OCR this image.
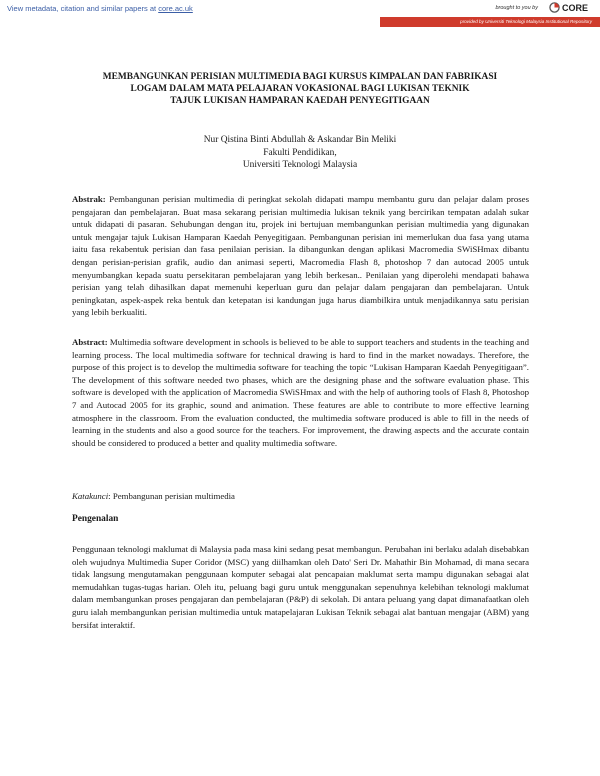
View metadata, citation and similar papers at core.ac.uk	brought to you by	CORE
provided by Universiti Teknologi Malaysia Institutional Repository
MEMBANGUNKAN PERISIAN MULTIMEDIA BAGI KURSUS KIMPALAN DAN FABRIKASI
LOGAM DALAM MATA PELAJARAN VOKASIONAL BAGI LUKISAN TEKNIK
TAJUK LUKISAN HAMPARAN KAEDAH PENYEGITIGAAN
Nur Qistina Binti Abdullah & Askandar Bin Meliki
Fakulti Pendidikan,
Universiti Teknologi Malaysia
Abstrak: Pembangunan perisian multimedia di peringkat sekolah didapati mampu membantu guru dan pelajar dalam proses pengajaran dan pembelajaran. Buat masa sekarang perisian multimedia lukisan teknik yang bercirikan tempatan adalah sukar untuk didapati di pasaran. Sehubungan dengan itu, projek ini bertujuan membangunkan perisian multimedia yang digunakan untuk mengajar tajuk Lukisan Hamparan Kaedah Penyegitigaan. Pembangunan perisian ini memerlukan dua fasa yang utama iaitu fasa rekabentuk perisian dan fasa penilaian perisian. Ia dibangunkan dengan aplikasi Macromedia SWiSHmax dibantu dengan perisian-perisian grafik, audio dan animasi seperti, Macromedia Flash 8, photoshop 7 dan autocad 2005 untuk menyumbangkan kepada suatu persekitaran pembelajaran yang lebih berkesan.. Penilaian yang diperolehi mendapati bahawa perisian yang telah dihasilkan dapat memenuhi keperluan guru dan pelajar dalam pengajaran dan pembelajaran. Untuk peningkatan, aspek-aspek reka bentuk dan ketepatan isi kandungan juga harus diambilkira untuk menjadikannya satu perisian yang lebih berkualiti.
Abstract: Multimedia software development in schools is believed to be able to support teachers and students in the teaching and learning process. The local multimedia software for technical drawing is hard to find in the market nowadays. Therefore, the purpose of this project is to develop the multimedia software for teaching the topic “Lukisan Hamparan Kaedah Penyegitigaan”. The development of this software needed two phases, which are the designing phase and the software evaluation phase. This software is developed with the application of Macromedia SWiSHmax and with the help of authoring tools of Flash 8, Photoshop 7 and Autocad 2005 for its graphic, sound and animation. These features are able to contribute to more effective learning atmosphere in the classroom. From the evaluation conducted, the multimedia software produced is able to fill in the needs of learning in the students and also a good source for the teachers. For improvement, the drawing aspects and the accurate contain should be considered to produced a better and quality multimedia software.
Katakunci: Pembangunan perisian multimedia
Pengenalan
Penggunaan teknologi maklumat di Malaysia pada masa kini sedang pesat membangun. Perubahan ini berlaku adalah disebabkan oleh wujudnya Multimedia Super Coridor (MSC) yang diilhamkan oleh Dato' Seri Dr. Mahathir Bin Mohamad, di mana secara tidak langsung mengutamakan penggunaan komputer sebagai alat pencapaian maklumat serta mampu digunakan sebagai alat memudahkan tugas-tugas harian. Oleh itu, peluang bagi guru untuk menggunakan sepenuhnya kelebihan teknologi maklumat dalam membangunkan proses pengajaran dan pembelajaran (P&P) di sekolah. Di antara peluang yang dapat dimanafaatkan oleh guru ialah membangunkan perisian multimedia untuk matapelajaran Lukisan Teknik sebagai alat bantuan mengajar (ABM) yang bersifat interaktif.
